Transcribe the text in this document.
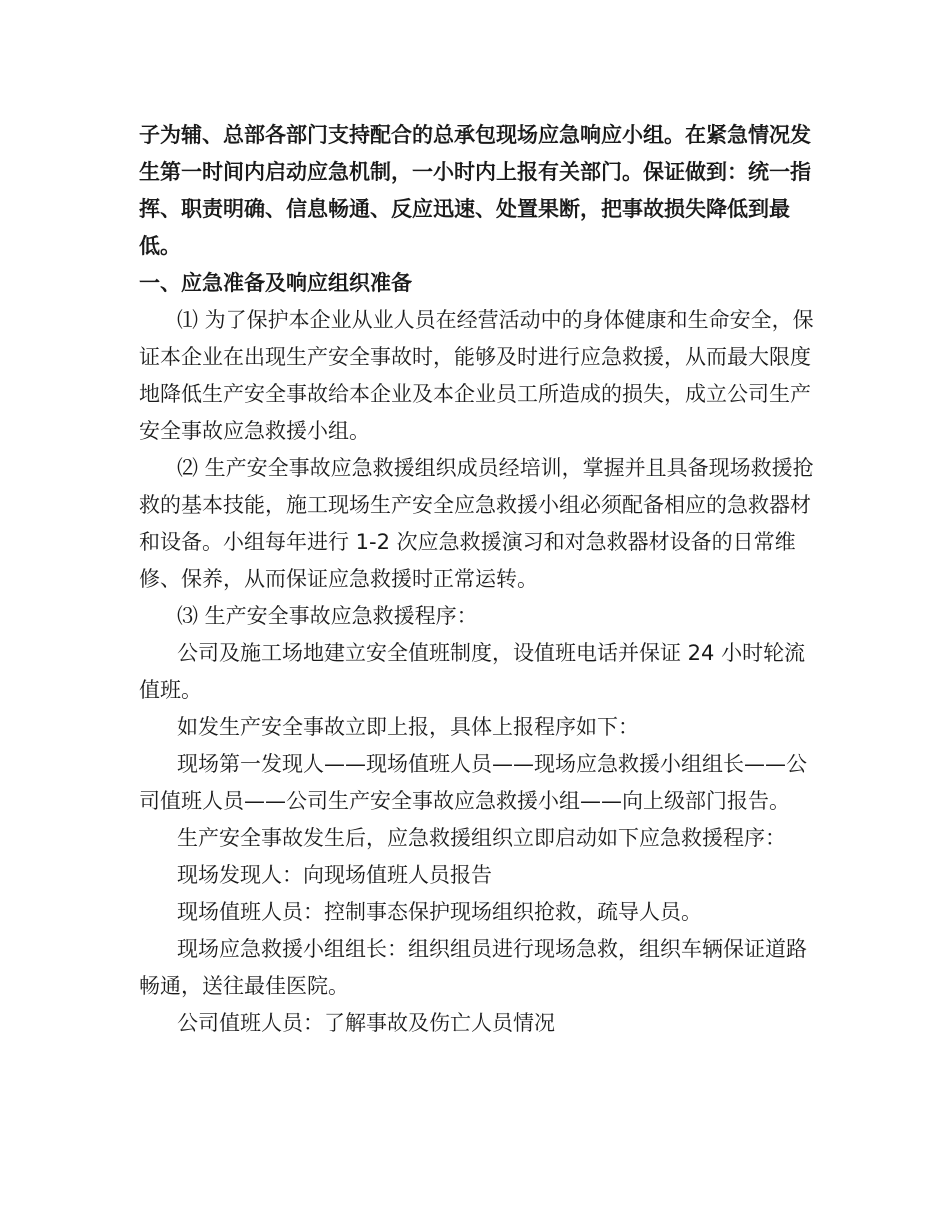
子为辅、总部各部门支持配合的总承包现场应急响应小组。在紧急情况发生第一时间内启动应急机制，一小时内上报有关部门。保证做到：统一指挥、职责明确、信息畅通、反应迅速、处置果断，把事故损失降低到最低。

一、应急准备及响应组织准备

⑴ 为了保护本企业从业人员在经营活动中的身体健康和生命安全，保证本企业在出现生产安全事故时，能够及时进行应急救援，从而最大限度地降低生产安全事故给本企业及本企业员工所造成的损失，成立公司生产安全事故应急救援小组。

⑵ 生产安全事故应急救援组织成员经培训，掌握并且具备现场救援抢救的基本技能，施工现场生产安全应急救援小组必须配备相应的急救器材和设备。小组每年进行 1-2 次应急救援演习和对急救器材设备的日常维修、保养，从而保证应急救援时正常运转。

⑶ 生产安全事故应急救援程序：

公司及施工场地建立安全值班制度，设值班电话并保证 24 小时轮流值班。

如发生产安全事故立即上报，具体上报程序如下：

现场第一发现人——现场值班人员——现场应急救援小组组长——公司值班人员——公司生产安全事故应急救援小组——向上级部门报告。

生产安全事故发生后，应急救援组织立即启动如下应急救援程序：

现场发现人：向现场值班人员报告

现场值班人员：控制事态保护现场组织抢救，疏导人员。

现场应急救援小组组长：组织组员进行现场急救，组织车辆保证道路畅通，送往最佳医院。

公司值班人员：了解事故及伤亡人员情况
